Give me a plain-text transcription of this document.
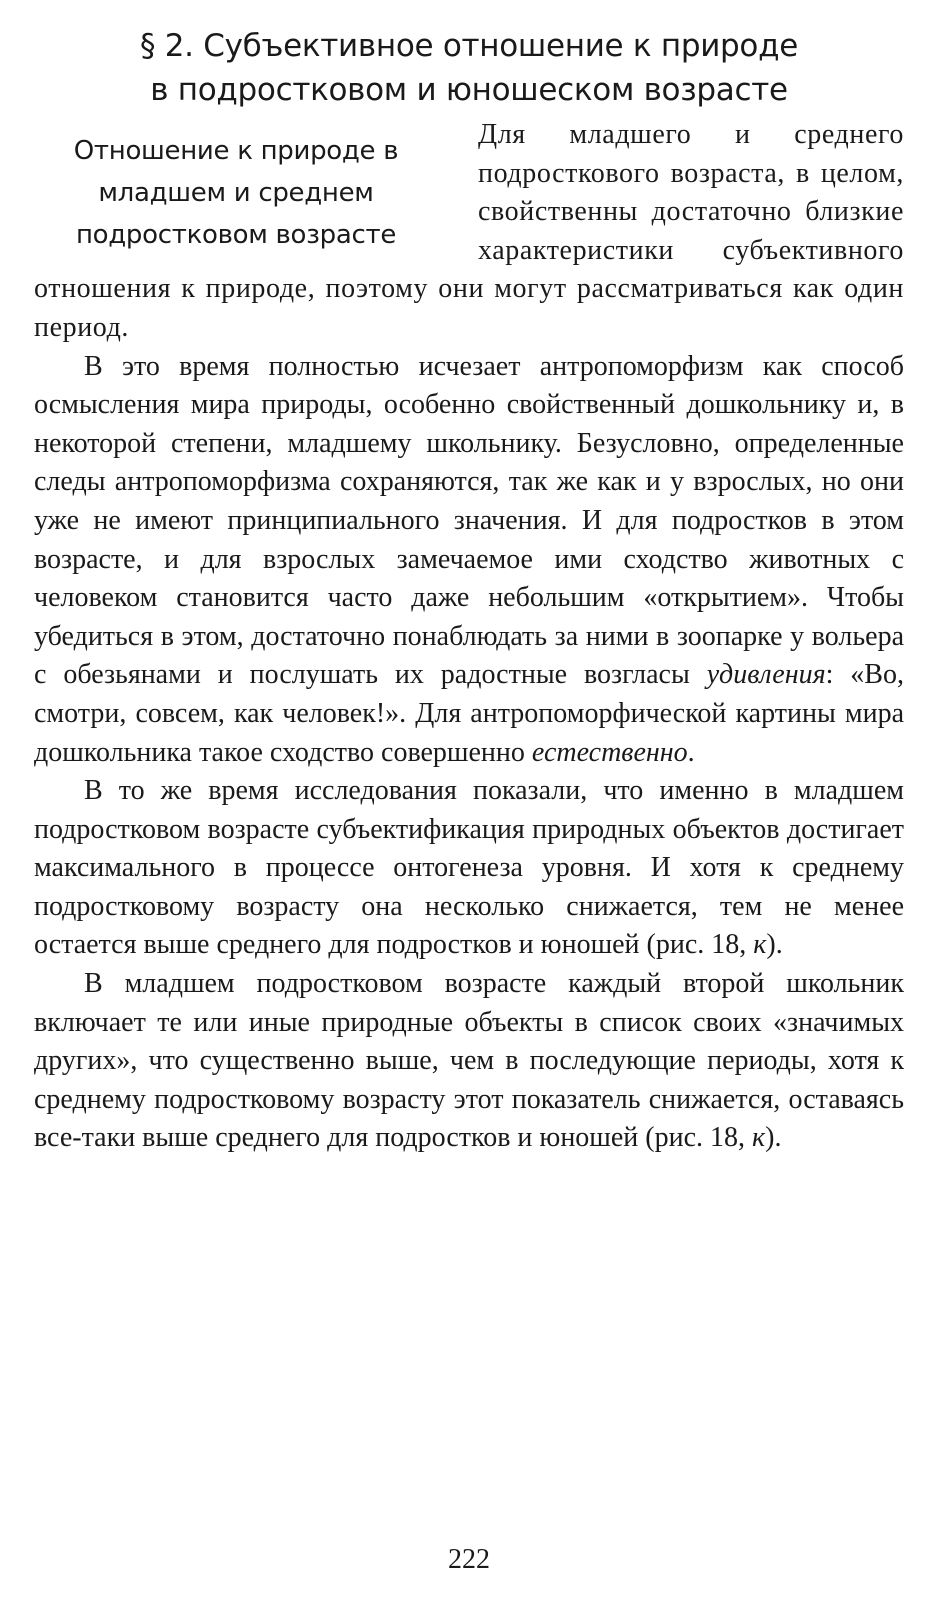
§ 2. Субъективное отношение к природе
в подростковом и юношеском возрасте
Отношение к природе в
младшем и среднем
подростковом возрасте

Для младшего и среднего подросткового возраста, в целом, свойственны достаточно близкие характеристики субъективного отношения к природе, поэтому они могут рассматриваться как один период.

В это время полностью исчезает антропоморфизм как способ осмысления мира природы, особенно свойственный дошкольнику и, в некоторой степени, младшему школьнику. Безусловно, определенные следы антропоморфизма сохраняются, так же как и у взрослых, но они уже не имеют принципиального значения. И для подростков в этом возрасте, и для взрослых замечаемое ими сходство животных с человеком становится часто даже небольшим «открытием». Чтобы убедиться в этом, достаточно понаблюдать за ними в зоопарке у вольера с обезьянами и послушать их радостные возгласы удивления: «Во, смотри, совсем, как человек!». Для антропоморфической картины мира дошкольника такое сходство совершенно естественно.

В то же время исследования показали, что именно в младшем подростковом возрасте субъектификация природных объектов достигает максимального в процессе онтогенеза уровня. И хотя к среднему подростковому возрасту она несколько снижается, тем не менее остается выше среднего для подростков и юношей (рис. 18, к).

В младшем подростковом возрасте каждый второй школьник включает те или иные природные объекты в список своих «значимых других», что существенно выше, чем в последующие периоды, хотя к среднему подростковому возрасту этот показатель снижается, оставаясь все-таки выше среднего для подростков и юношей (рис. 18, к).

222
